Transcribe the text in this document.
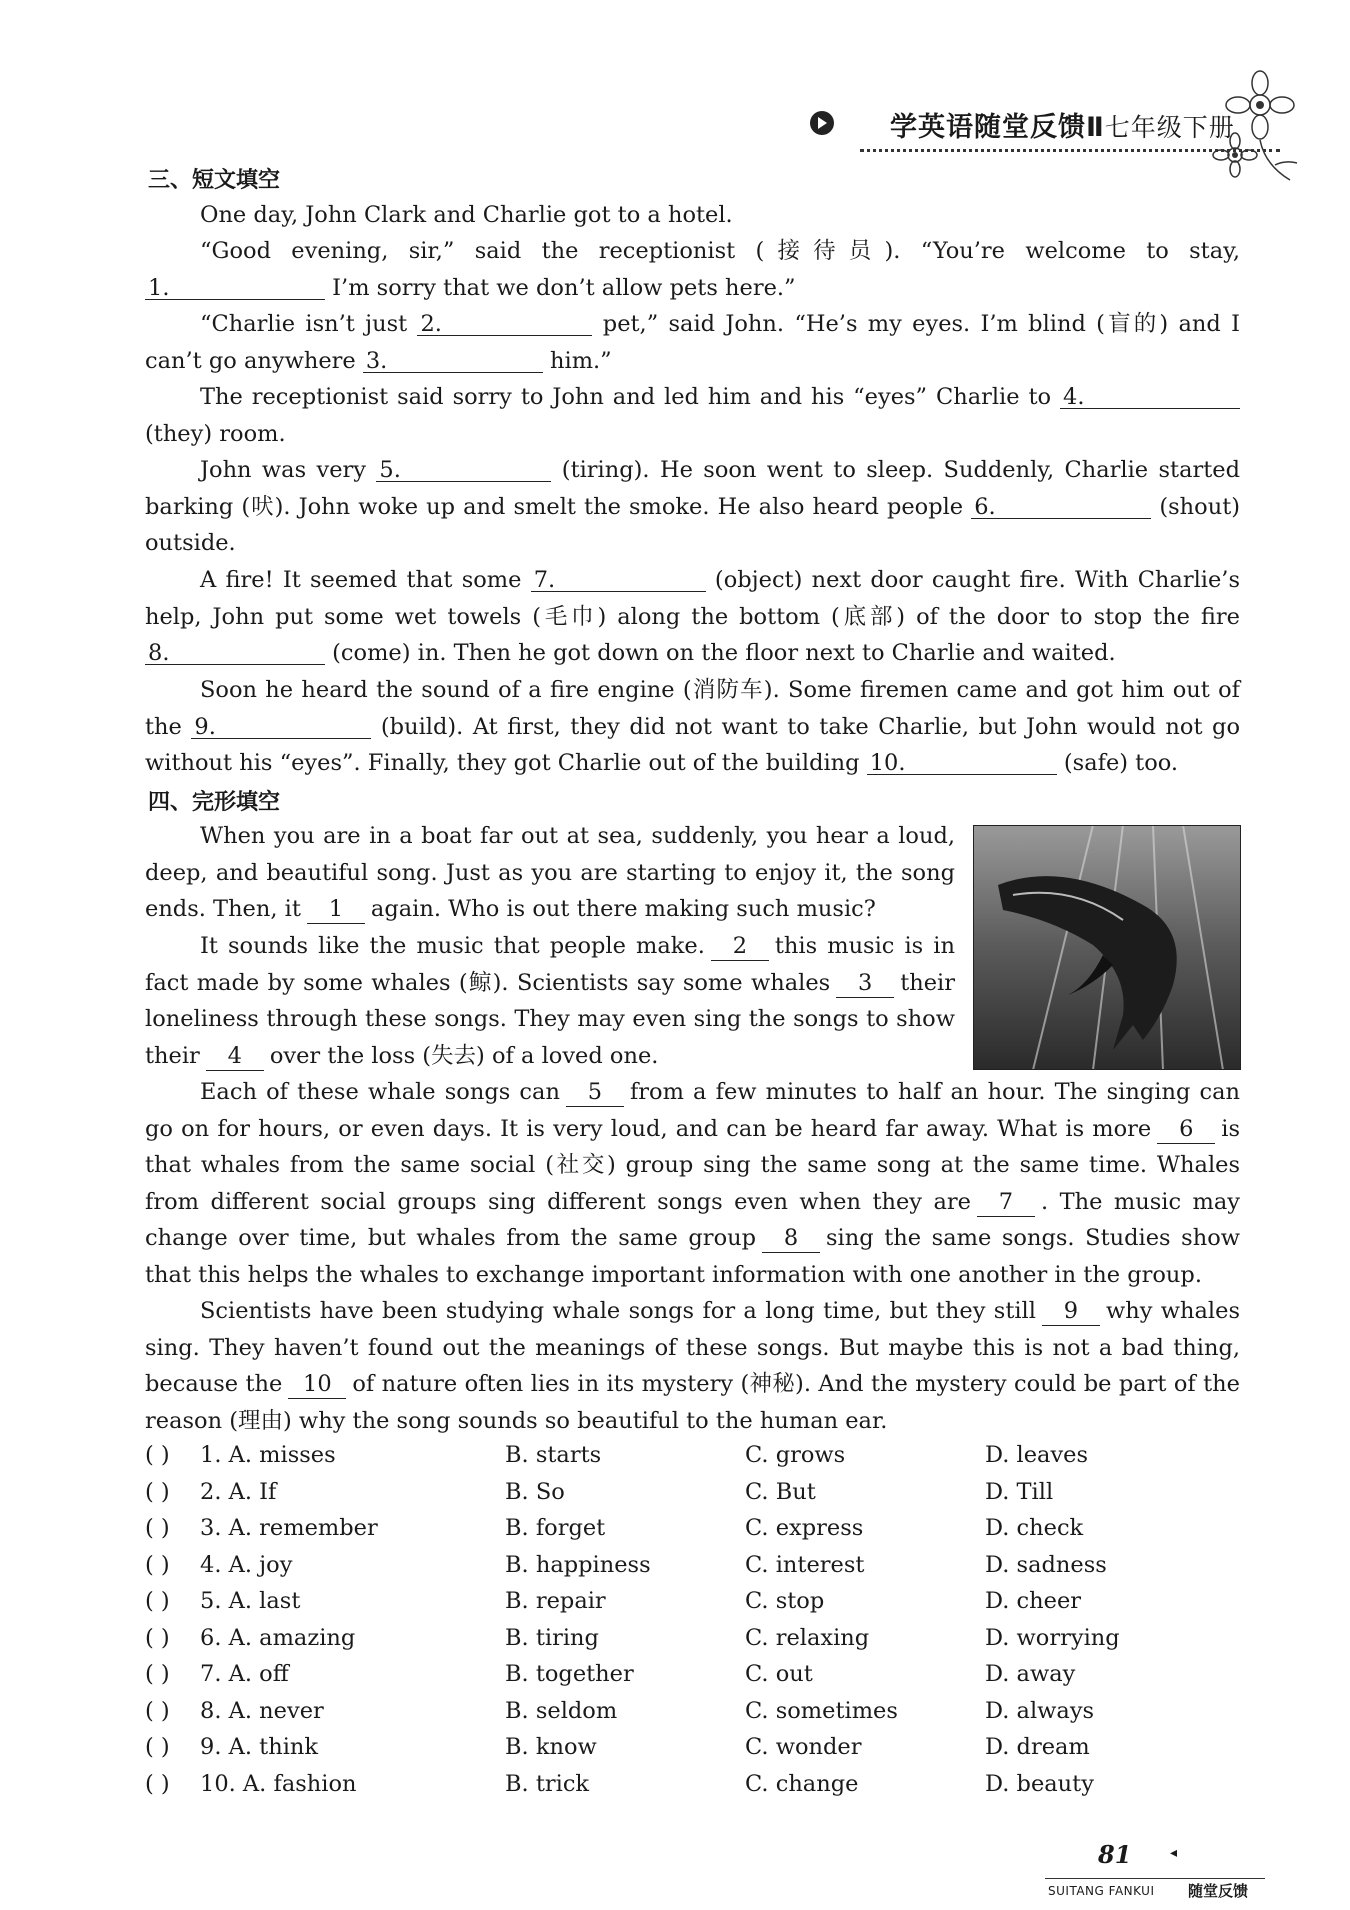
学英语随堂反馈Ⅱ七年级下册
三、短文填空

One day, John Clark and Charlie got to a hotel.

“Good evening, sir,” said the receptionist (接待员). “You’re welcome to stay, 1.	I’m sorry that we don’t allow pets here.”

“Charlie isn’t just 2.	pet,” said John. “He’s my eyes. I’m blind (盲的) and I can’t go anywhere 3.	him.”

The receptionist said sorry to John and led him and his “eyes” Charlie to 4. (they) room.

John was very 5.	(tiring). He soon went to sleep. Suddenly, Charlie started barking (吠). John woke up and smelt the smoke. He also heard people 6.	(shout) outside.

A fire! It seemed that some 7.	(object) next door caught fire. With Charlie’s help, John put some wet towels (毛巾) along the bottom (底部) of the door to stop the fire 8.	(come) in. Then he got down on the floor next to Charlie and waited.

Soon he heard the sound of a fire engine (消防车). Some firemen came and got him out of the 9.	(build). At first, they did not want to take Charlie, but John would not go without his “eyes”. Finally, they got Charlie out of the building 10.	(safe) too.

四、完形填空

When you are in a boat far out at sea, suddenly, you hear a loud, deep, and beautiful song. Just as you are starting to enjoy it, the song ends. Then, it 1 again. Who is out there making such music?

It sounds like the music that people make. 2 this music is in fact made by some whales (鲸). Scientists say some whales 3 their loneliness through these songs. They may even sing the songs to show their 4 over the loss (失去) of a loved one.

Each of these whale songs can 5 from a few minutes to half an hour. The singing can go on for hours, or even days. It is very loud, and can be heard far away. What is more 6 is that whales from the same social (社交) group sing the same song at the same time. Whales from different social groups sing different songs even when they are 7 . The music may change over time, but whales from the same group 8 sing the same songs. Studies show that this helps the whales to exchange important information with one another in the group.

Scientists have been studying whale songs for a long time, but they still 9 why whales sing. They haven’t found out the meanings of these songs. But maybe this is not a bad thing, because the 10 of nature often lies in its mystery (神秘). And the mystery could be part of the reason (理由) why the song sounds so beautiful to the human ear.

( ) 1. A. misses	B. starts	C. grows	D. leaves
( ) 2. A. If	B. So	C. But	D. Till
( ) 3. A. remember	B. forget	C. express	D. check
( ) 4. A. joy	B. happiness	C. interest	D. sadness
( ) 5. A. last	B. repair	C. stop	D. cheer
( ) 6. A. amazing	B. tiring	C. relaxing	D. worrying
( ) 7. A. off	B. together	C. out	D. away
( ) 8. A. never	B. seldom	C. sometimes	D. always
( ) 9. A. think	B. know	C. wonder	D. dream
( ) 10. A. fashion	B. trick	C. change	D. beauty
81	◂
SUITANG FANKUI 随堂反馈
